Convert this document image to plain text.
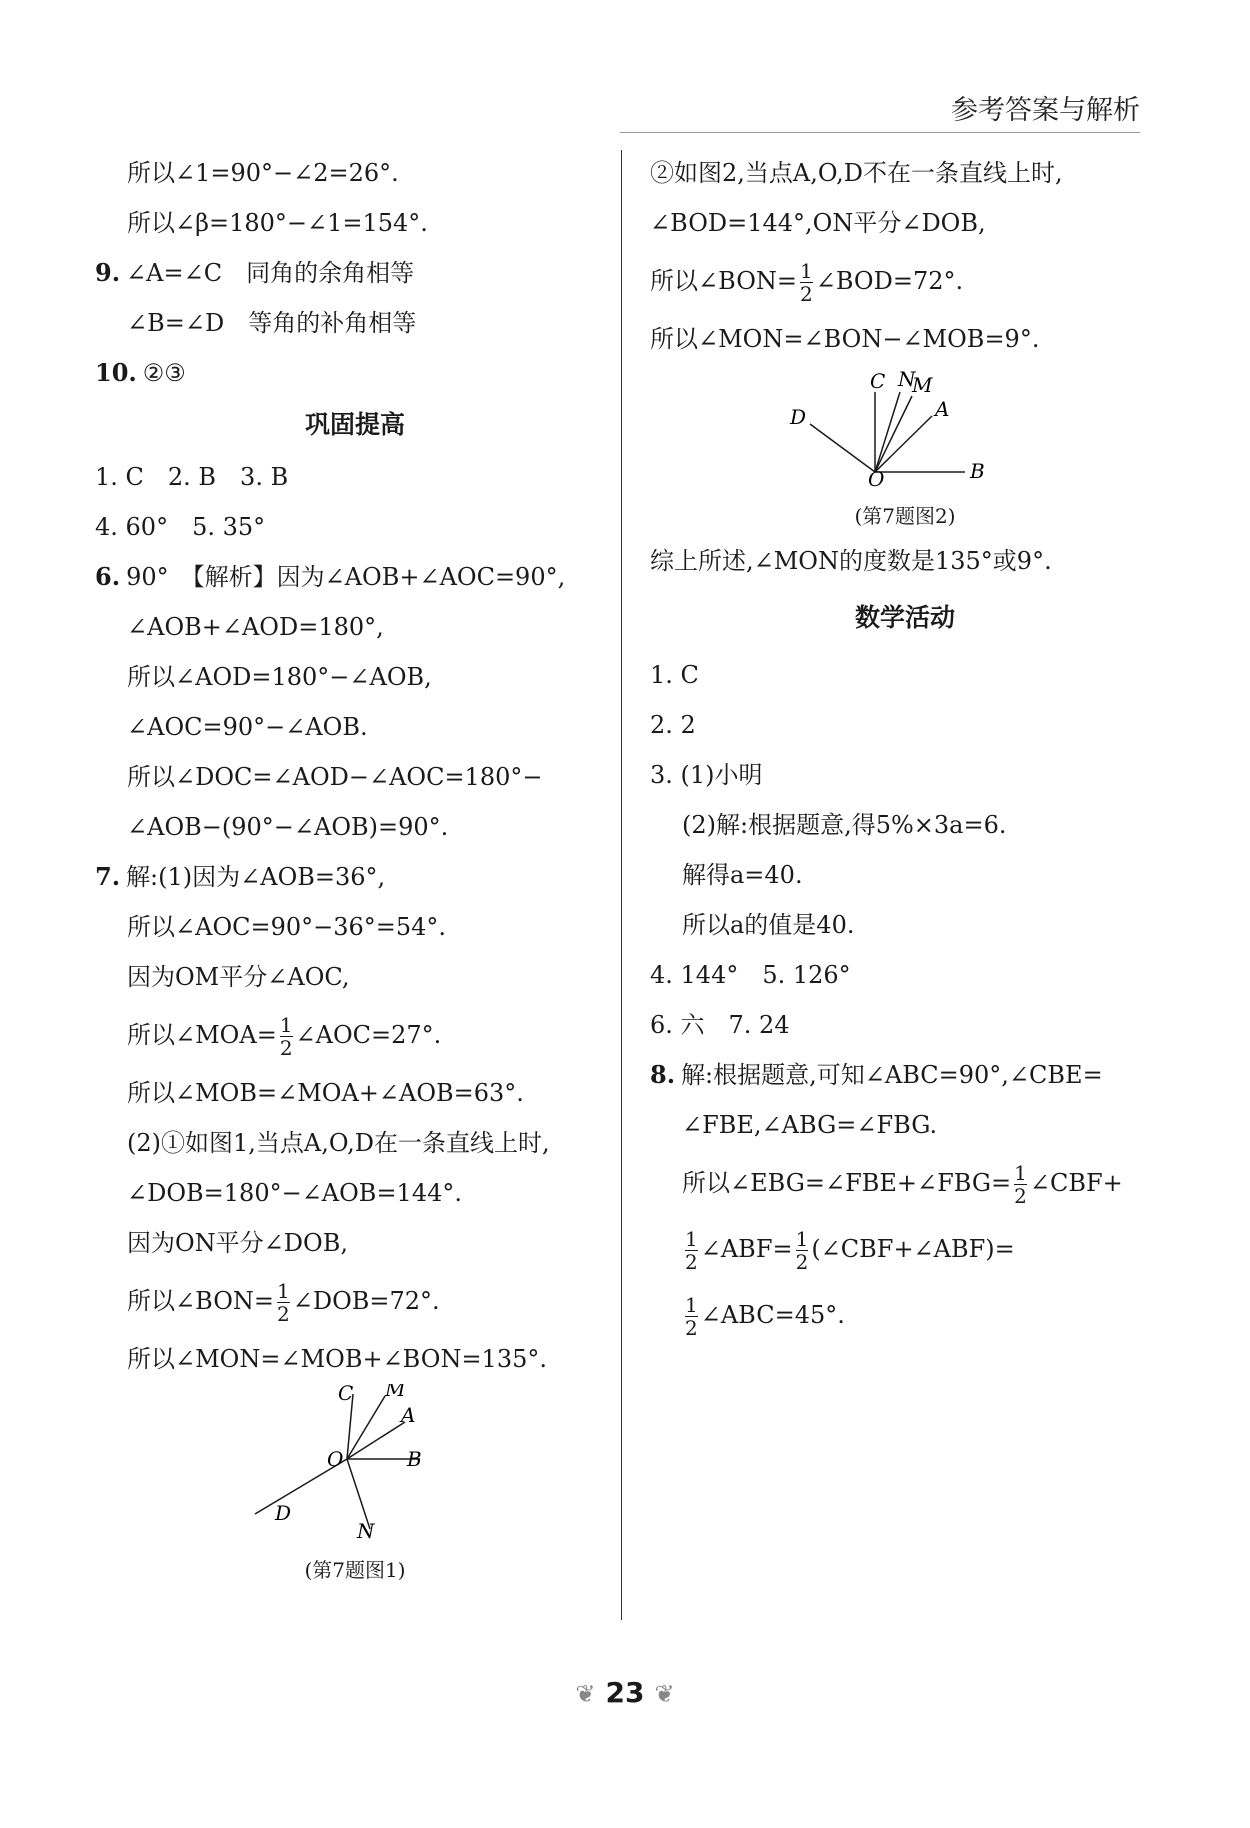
参考答案与解析
所以∠1=90°−∠2=26°.
所以∠β=180°−∠1=154°.
9. ∠A=∠C　同角的余角相等
∠B=∠D　等角的补角相等
10. ②③
巩固提高
1. C　2. B　3. B
4. 60°　5. 35°
6. 90°　【解析】因为∠AOB+∠AOC=90°,
∠AOB+∠AOD=180°,
所以∠AOD=180°−∠AOB,
∠AOC=90°−∠AOB.
所以∠DOC=∠AOD−∠AOC=180°−
∠AOB−(90°−∠AOB)=90°.
7. 解:(1)因为∠AOB=36°,
所以∠AOC=90°−36°=54°.
因为OM平分∠AOC,
所以∠MOA= $\frac{1}{2}$ ∠AOC=27°.
所以∠MOB=∠MOA+∠AOB=63°.
(2)①如图1,当点A,O,D在一条直线上时,
∠DOB=180°−∠AOB=144°.
因为ON平分∠DOB,
所以∠BON= $\frac{1}{2}$ ∠DOB=72°.
所以∠MON=∠MOB+∠BON=135°.
C M
A
O	B
D
N
(第7题图1)
②如图2,当点A,O,D不在一条直线上时,
∠BOD=144°,ON平分∠DOB,
所以∠BON= $\frac{1}{2}$ ∠BOD=72°.
所以∠MON=∠BON−∠MOB=9°.
C N
M
A
D
O	B
(第7题图2)
综上所述,∠MON的度数是135°或9°.
数学活动
1. C
2. 2
3. (1)小明
(2)解:根据题意,得5%×3a=6.
解得a=40.
所以a的值是40.
4. 144°　5. 126°
6. 六　7. 24
8. 解:根据题意,可知∠ABC=90°,∠CBE=
∠FBE,∠ABG=∠FBG.
所以∠EBG=∠FBE+∠FBG= $\frac{1}{2}$ ∠CBF+
$\frac{1}{2}$ ∠ABF= $\frac{1}{2}$ (∠CBF+∠ABF)=
$\frac{1}{2}$ ∠ABC=45°.
❦ 23 ❦
